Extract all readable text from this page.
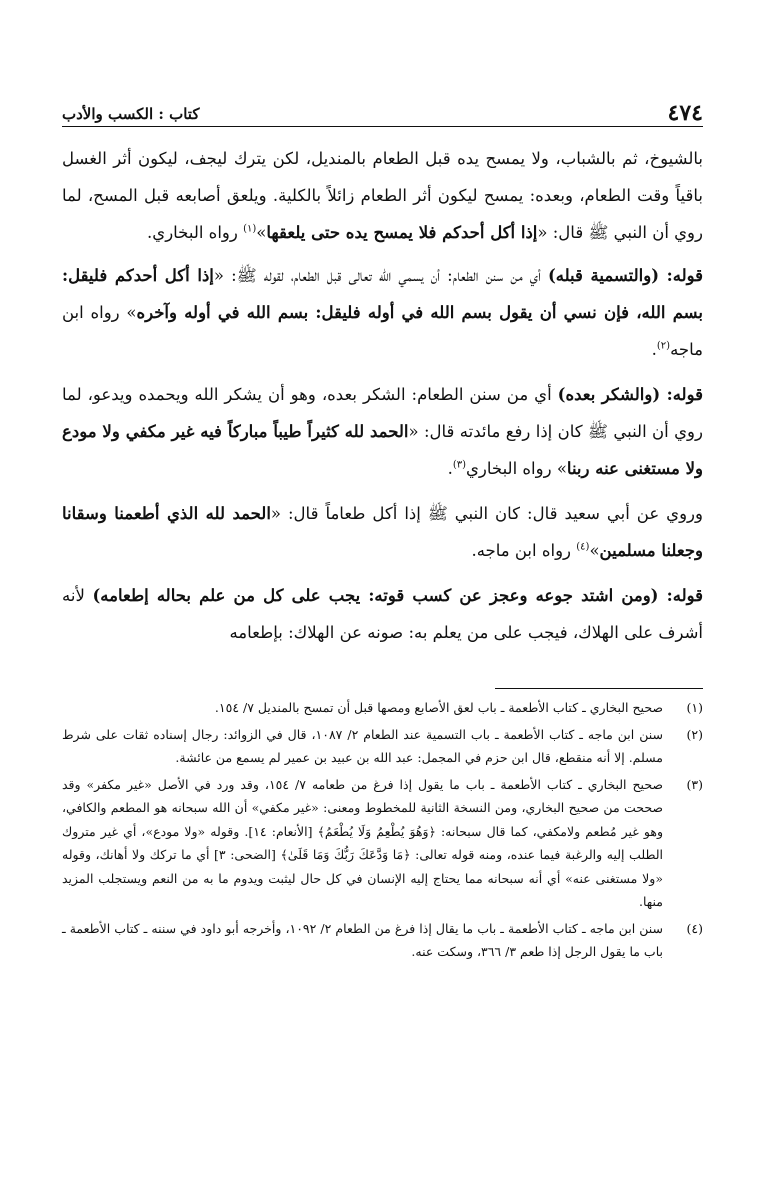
٤٧٤
كتاب : الكسب والأدب

بالشيوخ، ثم بالشباب، ولا يمسح يده قبل الطعام بالمنديل، لكن يترك ليجف، ليكون أثر الغسل باقياً وقت الطعام، وبعده: يمسح ليكون أثر الطعام زائلاً بالكلية. ويلعق أصابعه قبل المسح، لما روي أن النبي ﷺ قال: «إذا أكل أحدكم فلا يمسح يده حتى يلعقها»$^{(١)}$ رواه البخاري.

قوله: (والتسمية قبله) أي من سنن الطعام: أن يسمي الله تعالى قبل الطعام، لقوله ﷺ: «إذا أكل أحدكم فليقل: بسم الله، فإن نسي أن يقول بسم الله في أوله فليقل: بسم الله في أوله وآخره» رواه ابن ماجه$^{(٢)}$.

قوله: (والشكر بعده) أي من سنن الطعام: الشكر بعده، وهو أن يشكر الله ويحمده ويدعو، لما روي أن النبي ﷺ كان إذا رفع مائدته قال: «الحمد لله كثيراً طيباً مباركاً فيه غير مكفي ولا مودع ولا مستغنى عنه ربنا» رواه البخاري$^{(٣)}$.

وروي عن أبي سعيد قال: كان النبي ﷺ إذا أكل طعاماً قال: «الحمد لله الذي أطعمنا وسقانا وجعلنا مسلمين»$^{(٤)}$ رواه ابن ماجه.

قوله: (ومن اشتد جوعه وعجز عن كسب قوته: يجب على كل من علم بحاله إطعامه) لأنه أشرف على الهلاك، فيجب على من يعلم به: صونه عن الهلاك: بإطعامه

(١)
صحيح البخاري ـ كتاب الأطعمة ـ باب لعق الأصابع ومصها قبل أن تمسح بالمنديل ٧/ ١٥٤.
(٢)
سنن ابن ماجه ـ كتاب الأطعمة ـ باب التسمية عند الطعام ٢/ ١٠٨٧، قال في الزوائد: رجال إسناده ثقات على شرط مسلم. إلا أنه منقطع، قال ابن حزم في المجمل: عبد الله بن عبيد بن عمير لم يسمع من عائشة.
(٣)
صحيح البخاري ـ كتاب الأطعمة ـ باب ما يقول إذا فرغ من طعامه ٧/ ١٥٤، وقد ورد في الأصل «غير مكفر» وقد صححت من صحيح البخاري، ومن النسخة الثانية للمخطوط ومعنى: «غير مكفي» أن الله سبحانه هو المطعم والكافي، وهو غير مُطعم ولامكفي، كما قال سبحانه: ﴿وَهُوَ يُطْعِمُ وَلَا يُطْعَمُ﴾ [الأنعام: ١٤]. وقوله «ولا مودع»، أي غير متروك الطلب إليه والرغبة فيما عنده، ومنه قوله تعالى: ﴿مَا وَدَّعَكَ رَبُّكَ وَمَا قَلَىٰ﴾ [الضحى: ٣] أي ما تركك ولا أهانك، وقوله «ولا مستغنى عنه» أي أنه سبحانه مما يحتاج إليه الإنسان في كل حال ليثبت ويدوم ما به من النعم ويستجلب المزيد منها.
(٤)
سنن ابن ماجه ـ كتاب الأطعمة ـ باب ما يقال إذا فرغ من الطعام ٢/ ١٠٩٢، وأخرجه أبو داود في سننه ـ كتاب الأطعمة ـ باب ما يقول الرجل إذا طعم ٣/ ٣٦٦، وسكت عنه.
